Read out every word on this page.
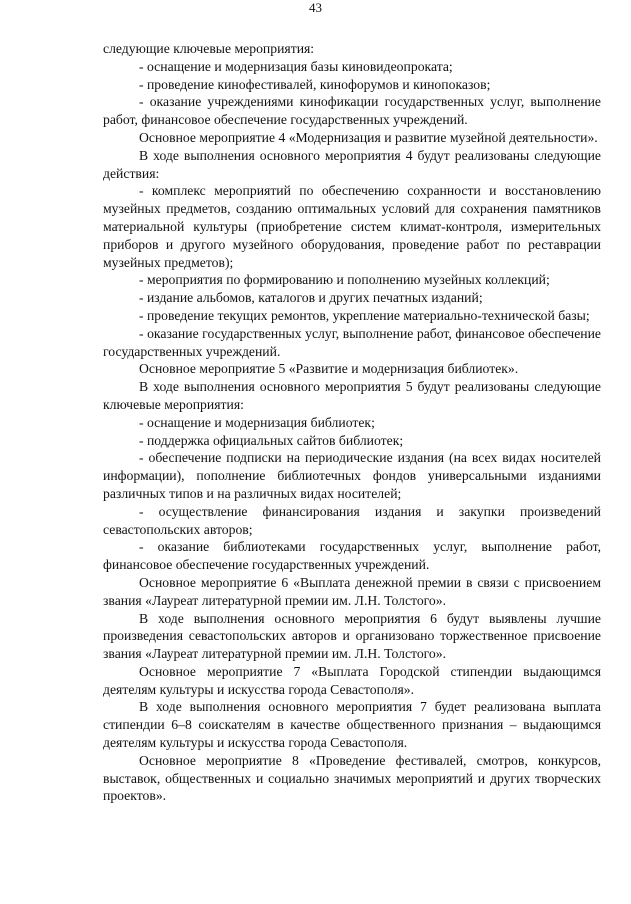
43

следующие ключевые мероприятия:

- оснащение и модернизация базы киновидеопроката;

- проведение кинофестивалей, кинофорумов и кинопоказов;

- оказание учреждениями кинофикации государственных услуг, выполнение работ, финансовое обеспечение государственных учреждений.

Основное мероприятие 4 «Модернизация и развитие музейной деятельности».

В ходе выполнения основного мероприятия 4 будут реализованы следующие действия:

- комплекс мероприятий по обеспечению сохранности и восстановлению музейных предметов, созданию оптимальных условий для сохранения памятников материальной культуры (приобретение систем климат-контроля, измерительных приборов и другого музейного оборудования, проведение работ по реставрации музейных предметов);

- мероприятия по формированию и пополнению музейных коллекций;

- издание альбомов, каталогов и других печатных изданий;

- проведение текущих ремонтов, укрепление материально-технической базы;

- оказание государственных услуг, выполнение работ, финансовое обеспечение государственных учреждений.

Основное мероприятие 5 «Развитие и модернизация библиотек».

В ходе выполнения основного мероприятия 5 будут реализованы следующие ключевые мероприятия:

- оснащение и модернизация библиотек;

- поддержка официальных сайтов библиотек;

- обеспечение подписки на периодические издания (на всех видах носителей информации), пополнение библиотечных фондов универсальными изданиями различных типов и на различных видах носителей;

- осуществление финансирования издания и закупки произведений севастопольских авторов;

- оказание библиотеками государственных услуг, выполнение работ, финансовое обеспечение государственных учреждений.

Основное мероприятие 6 «Выплата денежной премии в связи с присвоением звания «Лауреат литературной премии им. Л.Н. Толстого».

В ходе выполнения основного мероприятия 6 будут выявлены лучшие произведения севастопольских авторов и организовано торжественное присвоение звания «Лауреат литературной премии им. Л.Н. Толстого».

Основное мероприятие 7 «Выплата Городской стипендии выдающимся деятелям культуры и искусства города Севастополя».

В ходе выполнения основного мероприятия 7 будет реализована выплата стипендии 6–8 соискателям в качестве общественного признания – выдающимся деятелям культуры и искусства города Севастополя.

Основное мероприятие 8 «Проведение фестивалей, смотров, конкурсов, выставок, общественных и социально значимых мероприятий и других творческих проектов».
